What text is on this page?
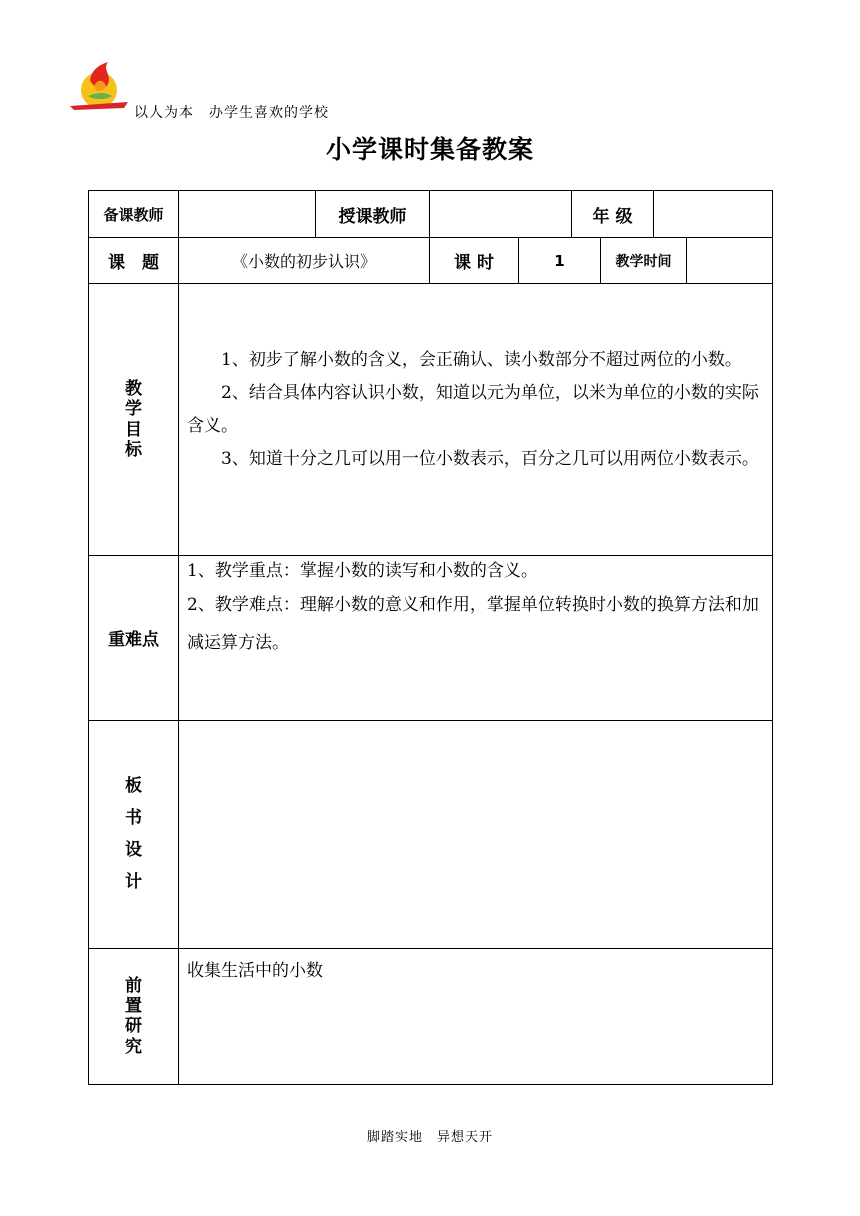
以人为本　办学生喜欢的学校
小学课时集备教案
备课教师		授课教师			年 级			
课　题	《小数的初步认识》		课 时	1		教学时间		
教学目标	1、初步了解小数的含义，会正确认、读小数部分不超过两位的小数。

2、结合具体内容认识小数，知道以元为单位，以米为单位的小数的实际含义。

3、知道十分之几可以用一位小数表示，百分之几可以用两位小数表示。							

重难点	1、教学重点：掌握小数的读写和小数的含义。

2、教学难点：理解小数的意义和作用，掌握单位转换时小数的换算方法和加减运算方法。							

板书设计								
前置研究	收集生活中的小数							

脚踏实地　异想天开
